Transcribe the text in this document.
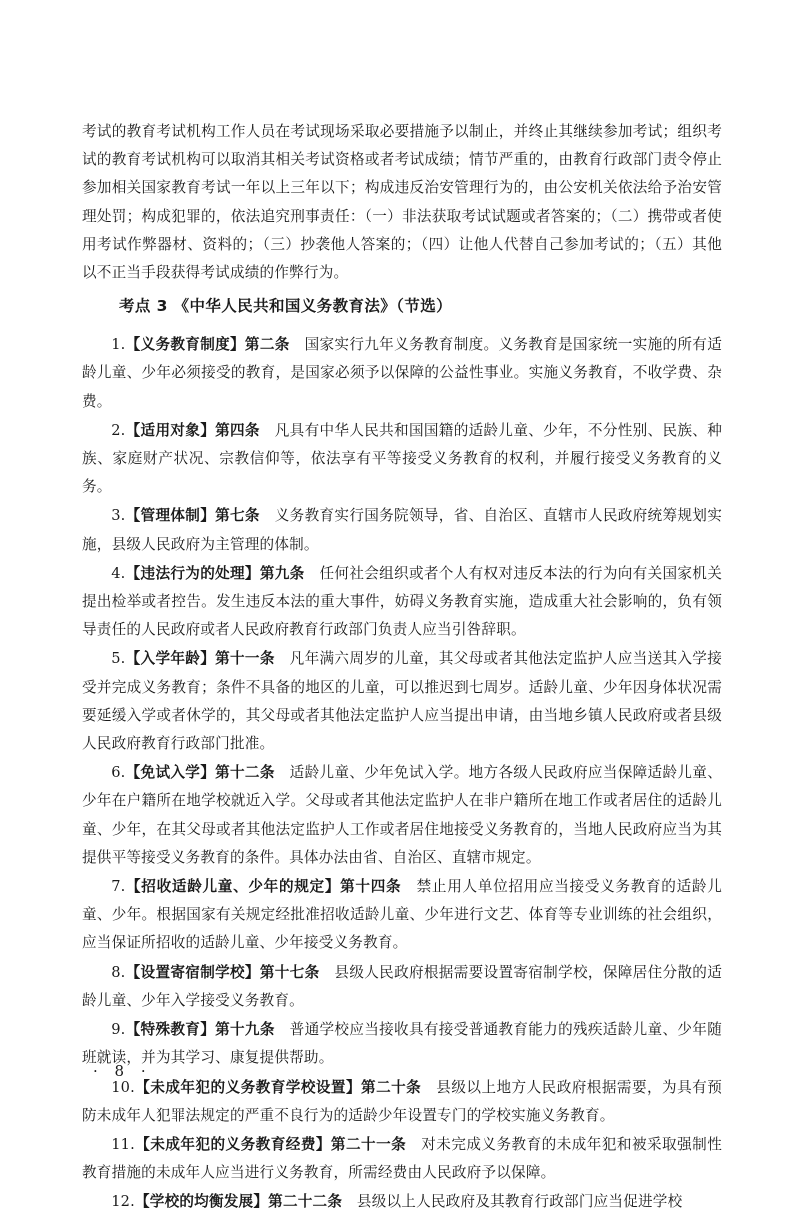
考试的教育考试机构工作人员在考试现场采取必要措施予以制止，并终止其继续参加考试；组织考试的教育考试机构可以取消其相关考试资格或者考试成绩；情节严重的，由教育行政部门责令停止参加相关国家教育考试一年以上三年以下；构成违反治安管理行为的，由公安机关依法给予治安管理处罚；构成犯罪的，依法追究刑事责任：（一）非法获取考试试题或者答案的；（二）携带或者使用考试作弊器材、资料的；（三）抄袭他人答案的；（四）让他人代替自己参加考试的；（五）其他以不正当手段获得考试成绩的作弊行为。

考点 3 《中华人民共和国义务教育法》（节选）

1.【义务教育制度】第二条　 国家实行九年义务教育制度。义务教育是国家统一实施的所有适龄儿童、少年必须接受的教育，是国家必须予以保障的公益性事业。实施义务教育，不收学费、杂费。

2.【适用对象】第四条　 凡具有中华人民共和国国籍的适龄儿童、少年，不分性别、民族、种族、家庭财产状况、宗教信仰等，依法享有平等接受义务教育的权利，并履行接受义务教育的义务。

3.【管理体制】第七条　 义务教育实行国务院领导，省、自治区、直辖市人民政府统筹规划实施，县级人民政府为主管理的体制。

4.【违法行为的处理】第九条　 任何社会组织或者个人有权对违反本法的行为向有关国家机关提出检举或者控告。发生违反本法的重大事件，妨碍义务教育实施，造成重大社会影响的，负有领导责任的人民政府或者人民政府教育行政部门负责人应当引咎辞职。

5.【入学年龄】第十一条　 凡年满六周岁的儿童，其父母或者其他法定监护人应当送其入学接受并完成义务教育；条件不具备的地区的儿童，可以推迟到七周岁。适龄儿童、少年因身体状况需要延缓入学或者休学的，其父母或者其他法定监护人应当提出申请，由当地乡镇人民政府或者县级人民政府教育行政部门批准。

6.【免试入学】第十二条　 适龄儿童、少年免试入学。地方各级人民政府应当保障适龄儿童、少年在户籍所在地学校就近入学。父母或者其他法定监护人在非户籍所在地工作或者居住的适龄儿童、少年，在其父母或者其他法定监护人工作或者居住地接受义务教育的，当地人民政府应当为其提供平等接受义务教育的条件。具体办法由省、自治区、直辖市规定。

7.【招收适龄儿童、少年的规定】第十四条　 禁止用人单位招用应当接受义务教育的适龄儿童、少年。根据国家有关规定经批准招收适龄儿童、少年进行文艺、体育等专业训练的社会组织，应当保证所招收的适龄儿童、少年接受义务教育。

8.【设置寄宿制学校】第十七条　 县级人民政府根据需要设置寄宿制学校，保障居住分散的适龄儿童、少年入学接受义务教育。

9.【特殊教育】第十九条　 普通学校应当接收具有接受普通教育能力的残疾适龄儿童、少年随班就读，并为其学习、康复提供帮助。

10.【未成年犯的义务教育学校设置】第二十条　 县级以上地方人民政府根据需要，为具有预防未成年人犯罪法规定的严重不良行为的适龄少年设置专门的学校实施义务教育。

11.【未成年犯的义务教育经费】第二十一条　 对未完成义务教育的未成年犯和被采取强制性教育措施的未成年人应当进行义务教育，所需经费由人民政府予以保障。

12.【学校的均衡发展】第二十二条　 县级以上人民政府及其教育行政部门应当促进学校

· 8 ·
